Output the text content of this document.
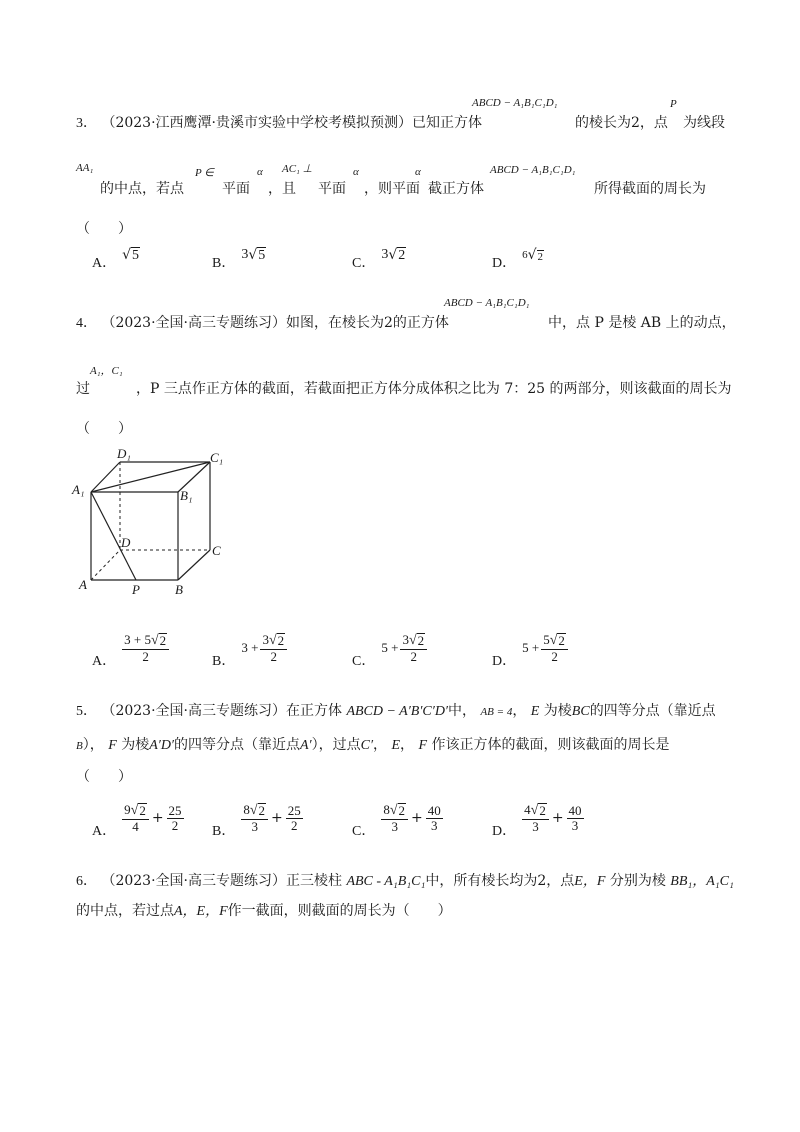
3． （2023·江西鹰潭·贵溪市实验中学校考模拟预测）已知正方体
ABCD − A₁B₁C₁D₁
的棱长为2，点
P
为线段
AA₁
的中点，若点
P ∈
平面
α
，且
AC₁ ⊥
平面
α
，则平面
α
截正方体
ABCD − A₁B₁C₁D₁
所得截面的周长为
（　　）
A．
√ 5
B．
3 √ 5
C．
3 √ 2
D．
6 √ 2
4． （2023·全国·高三专题练习）如图，在棱长为2的正方体
ABCD − A₁B₁C₁D₁
中，点 P 是棱 AB 上的动点，
过
A₁，C₁
，P 三点作正方体的截面，若截面把正方体分成体积之比为 7：25 的两部分，则该截面的周长为
（　　）
D₁	C₁
A₁	B₁
D
C
A	P	B
A． $\frac{3 + 5 √ 2}{2}$	B．
$3 + \frac{3 √ 2}{2}$	C．
$5 + \frac{3 √ 2}{2}$	D．
$5 + \frac{5 √ 2}{2}$
5． （2023·全国·高三专题练习）在正方体 ABCD − A′B′C′D′中， AB = 4， E 为棱BC的四等分点（靠近点
B）， F 为棱A′D′的四等分点（靠近点A′），过点C′， E， F 作该正方体的截面，则该截面的周长是
（　　）
A． $\frac{9 √ 2}{4} + \frac{25}{2}$ B． $\frac{8 √ 2}{3} + \frac{25}{2}$	C． $\frac{8 √ 2}{3} + \frac{40}{3}$	D． $\frac{4 √ 2}{3} + \frac{40}{3}$
6． （2023·全国·高三专题练习）正三棱柱 ABC - A₁B₁C₁中，所有棱长均为2，点E，F 分别为棱 BB₁，A₁C₁
的中点，若过点A，E，F作一截面，则截面的周长为（　　）
